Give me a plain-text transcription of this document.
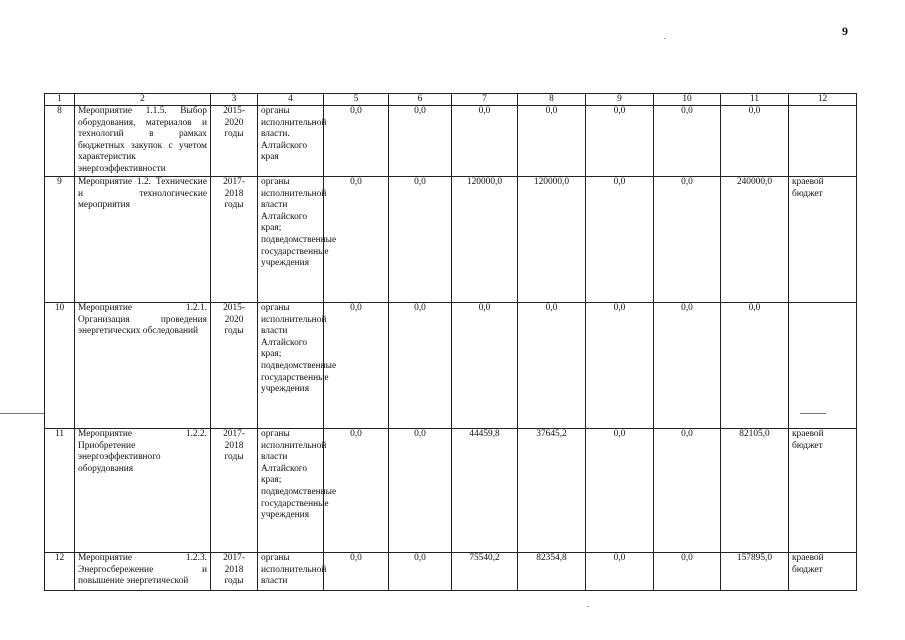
9
1	2	3	4	5	6	7	8	9	10	11	12
8	Мероприятие 1.1.5. Выбор оборудования, материалов и технологий в рамках бюджетных закупок с учетом характеристик энергоэффективности	2015-2020 годы	органы исполнительной власти. Алтайского края	0,0	0,0	0,0	0,0	0,0	0,0	0,0	
9	Мероприятие 1.2. Технические и технологические мероприятия	2017-2018 годы	органы исполнительной власти Алтайского края; подведомственные государственные учреждения	0,0	0,0	120000,0	120000,0	0,0	0,0	240000,0	краевой бюджет
10	Мероприятие 1.2.1. Организация проведения энергетических обследований	2015-2020 годы	органы исполнительной власти Алтайского края; подведомственные государственные учреждения	0,0	0,0	0,0	0,0	0,0	0,0	0,0	
11	Мероприятие 1.2.2. Приобретение энергоэффективного оборудования	2017-2018 годы	органы исполнительной власти Алтайского края; подведомственные государственные учреждения	0,0	0,0	44459,8	37645,2	0,0	0,0	82105,0	краевой бюджет
12	Мероприятие 1.2.3. Энергосбережение и повышение энергетической	2017-2018 годы	органы исполнительной власти	0,0	0,0	75540,2	82354,8	0,0	0,0	157895,0	краевой бюджет
